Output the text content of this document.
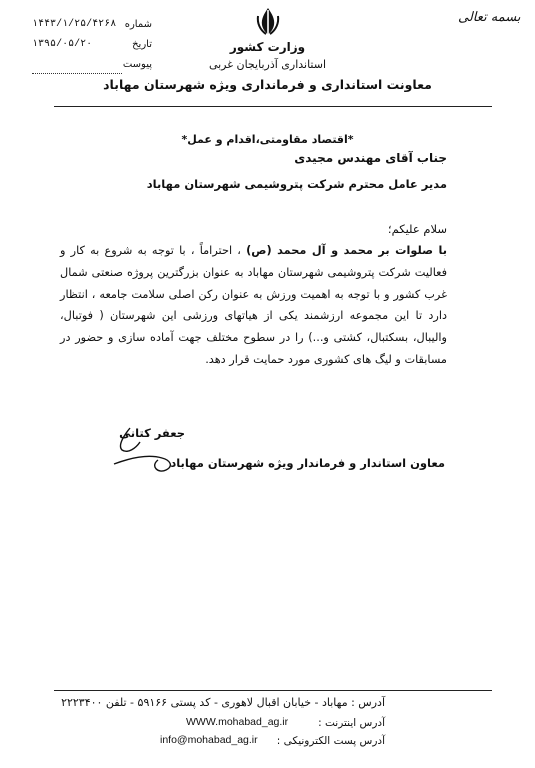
بسمه تعالی
شماره
۱۴۴۳/۱/۲۵/۴۲۶۸
تاریخ
۱۳۹۵/۰۵/۲۰
پیوست
وزارت کشور
استانداری آذربایجان غربی
معاونت استانداری و فرمانداری ویژه شهرستان مهاباد
*اقتصاد مقاومتی،اقدام و عمل*
جناب آقای مهندس مجیدی
مدیر عامل محترم شرکت پتروشیمی شهرستان مهاباد
سلام علیکم؛
با صلوات بر محمد و آل محمد (ص) ، احتراماً ، با توجه به شروع به کار و فعالیت شرکت پتروشیمی شهرستان مهاباد به عنوان بزرگترین پروژه صنعتی شمال غرب کشور و با توجه به اهمیت ورزش به عنوان رکن اصلی سلامت جامعه ، انتظار دارد تا این مجموعه ارزشمند یکی از هیاتهای ورزشی این شهرستان ( فوتبال، والیبال، بسکتبال، کشتی و...) را در سطوح مختلف جهت آماده سازی و حضور در مسابقات و لیگ های کشوری مورد حمایت قرار دهد.
جعفر کتانی
معاون استاندار و فرماندار ویژه شهرستان مهاباد
آدرس : مهاباد - خیابان اقبال لاهوری - کد پستی ۵۹۱۶۶ - تلفن ۲۲۲۳۴۰۰
آدرس اینترنت :
WWW.mohabad_ag.ir
آدرس پست الکترونیکی :
info@mohabad_ag.ir
